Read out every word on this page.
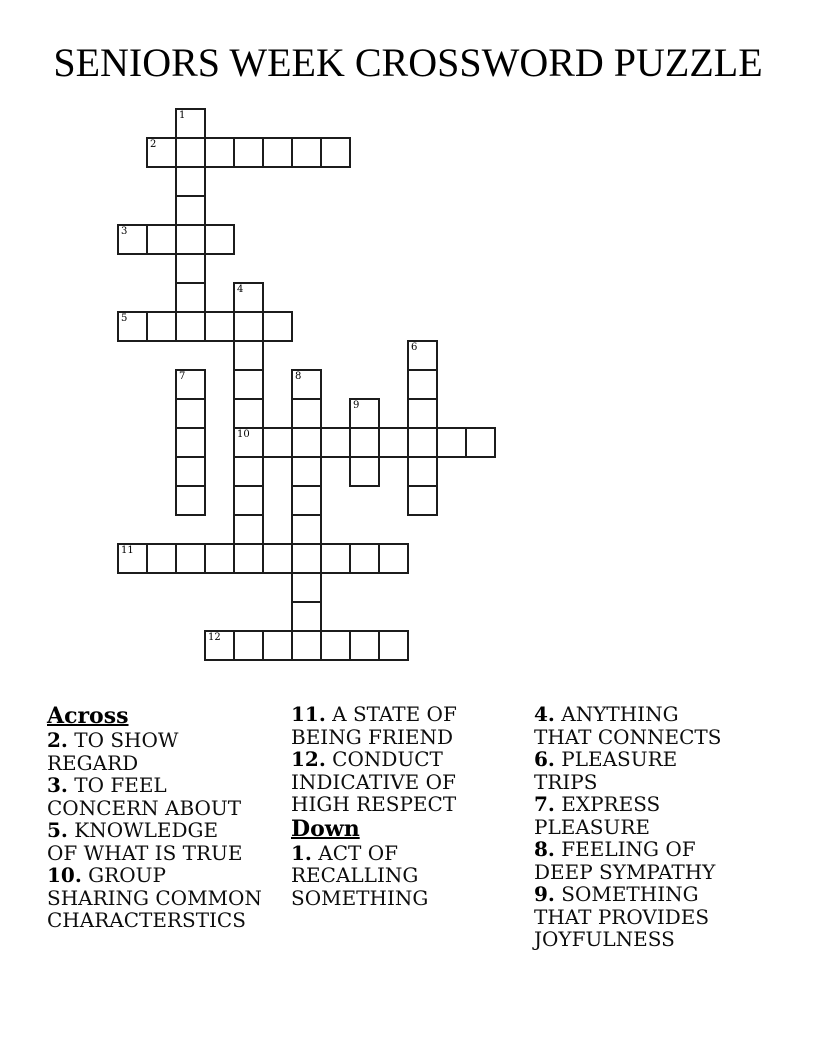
SENIORS WEEK CROSSWORD PUZZLE
1
2
3
4
10
5
6
7	8
9
11
12
Across
2. TO SHOW
REGARD
3. TO FEEL
CONCERN ABOUT
5. KNOWLEDGE
OF WHAT IS TRUE
10. GROUP
SHARING COMMON
CHARACTERSTICS
11. A STATE OF
BEING FRIEND
12. CONDUCT
INDICATIVE OF
HIGH RESPECT
Down
1. ACT OF
RECALLING
SOMETHING
4. ANYTHING
THAT CONNECTS
6. PLEASURE
TRIPS
7. EXPRESS
PLEASURE
8. FEELING OF
DEEP SYMPATHY
9. SOMETHING
THAT PROVIDES
JOYFULNESS
